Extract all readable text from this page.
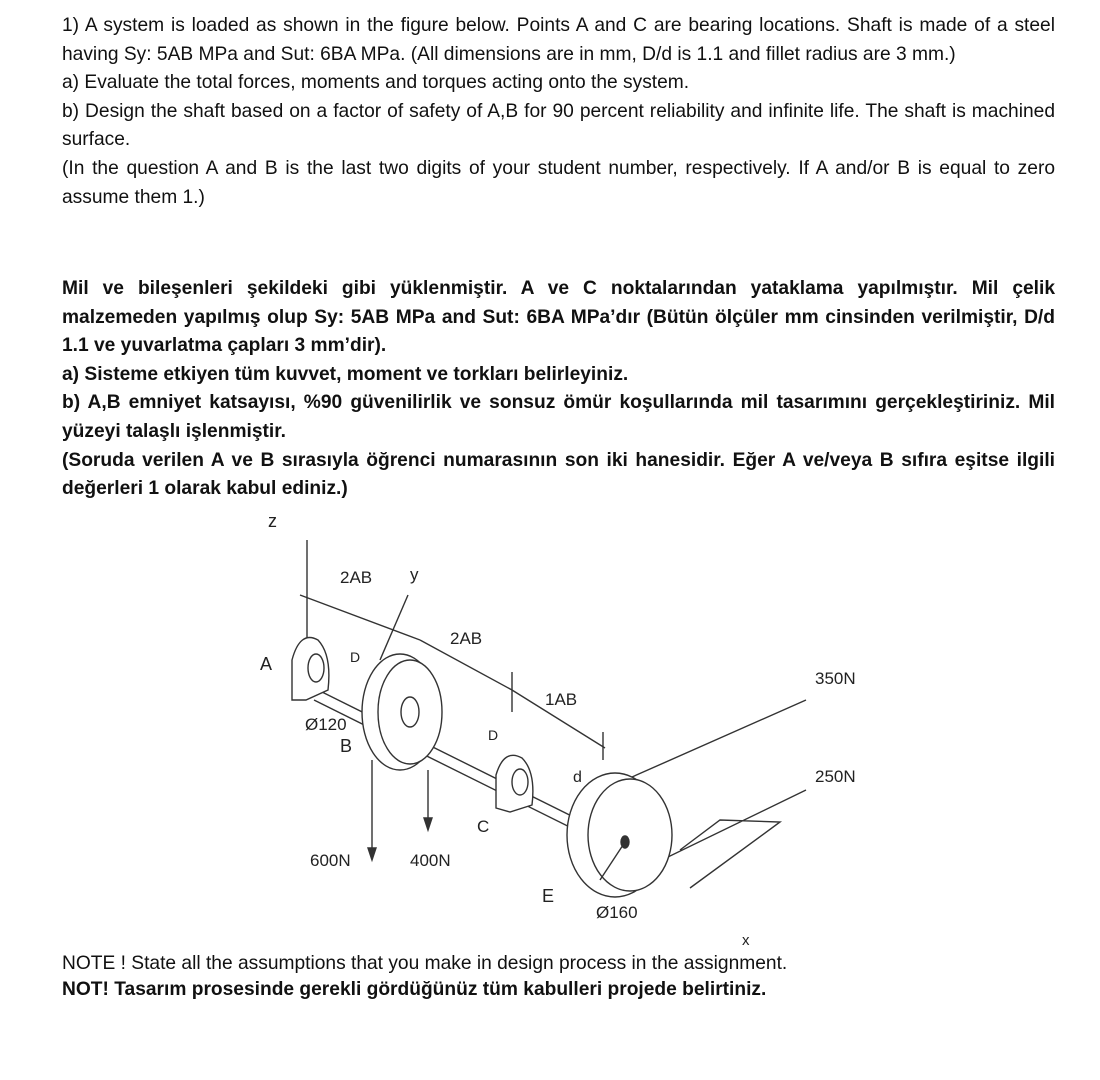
1) A system is loaded as shown in the figure below. Points A and C are bearing locations. Shaft is made of a steel having Sy: 5AB MPa and Sut: 6BA MPa. (All dimensions are in mm, D/d is 1.1 and fillet radius are 3 mm.)

a) Evaluate the total forces, moments and torques acting onto the system.

b) Design the shaft based on a factor of safety of A,B for 90 percent reliability and infinite life. The shaft is machined surface.

(In the question A and B is the last two digits of your student number, respectively. If A and/or B is equal to zero assume them 1.)

Mil ve bileşenleri şekildeki gibi yüklenmiştir. A ve C noktalarından yataklama yapılmıştır. Mil çelik malzemeden yapılmış olup Sy: 5AB MPa and Sut: 6BA MPa’dır (Bütün ölçüler mm cinsinden verilmiştir, D/d 1.1 ve yuvarlatma çapları 3 mm’dir).

a) Sisteme etkiyen tüm kuvvet, moment ve torkları belirleyiniz.

b) A,B emniyet katsayısı, %90 güvenilirlik ve sonsuz ömür koşullarında mil tasarımını gerçekleştiriniz. Mil yüzeyi talaşlı işlenmiştir.

(Soruda verilen A ve B sırasıyla öğrenci numarasının son iki hanesidir. Eğer A ve/veya B sıfıra eşitse ilgili değerleri 1 olarak kabul ediniz.)

z
y
x
2AB
2AB
1AB
A
B
C
E
D
D
d
Ø120
Ø160
600N	400N
350N
250N
NOTE ! State all the assumptions that you make in design process in the assignment.
NOT! Tasarım prosesinde gerekli gördüğünüz tüm kabulleri projede belirtiniz.
